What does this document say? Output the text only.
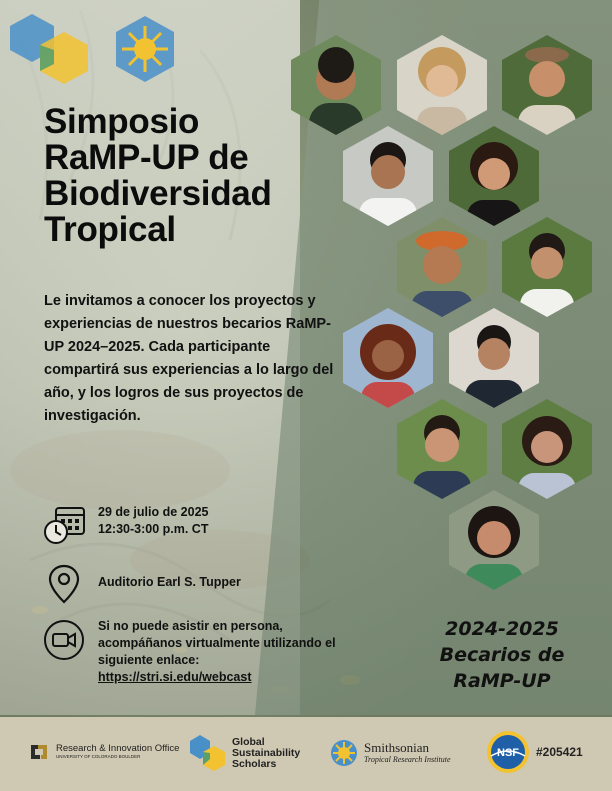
Simposio RaMP-UP de Biodiversidad Tropical

Le invitamos a conocer los proyectos y experiencias de nuestros becarios RaMP-UP 2024–2025. Cada participante compartirá sus experiencias a lo largo del año, y los logros de sus proyectos de investigación.

29 de julio de 2025
12:30-3:00 p.m. CT
Auditorio Earl S. Tupper
Si no puede asistir en persona, acompáñanos virtualmente utilizando el siguiente enlace:
https://stri.si.edu/webcast
2024-2025
Becarios de
RaMP-UP
Research & Innovation Office
UNIVERSITY OF COLORADO BOULDER
Global
Sustainability
Scholars
Smithsonian
Tropical Research Institute
NSF #205421
